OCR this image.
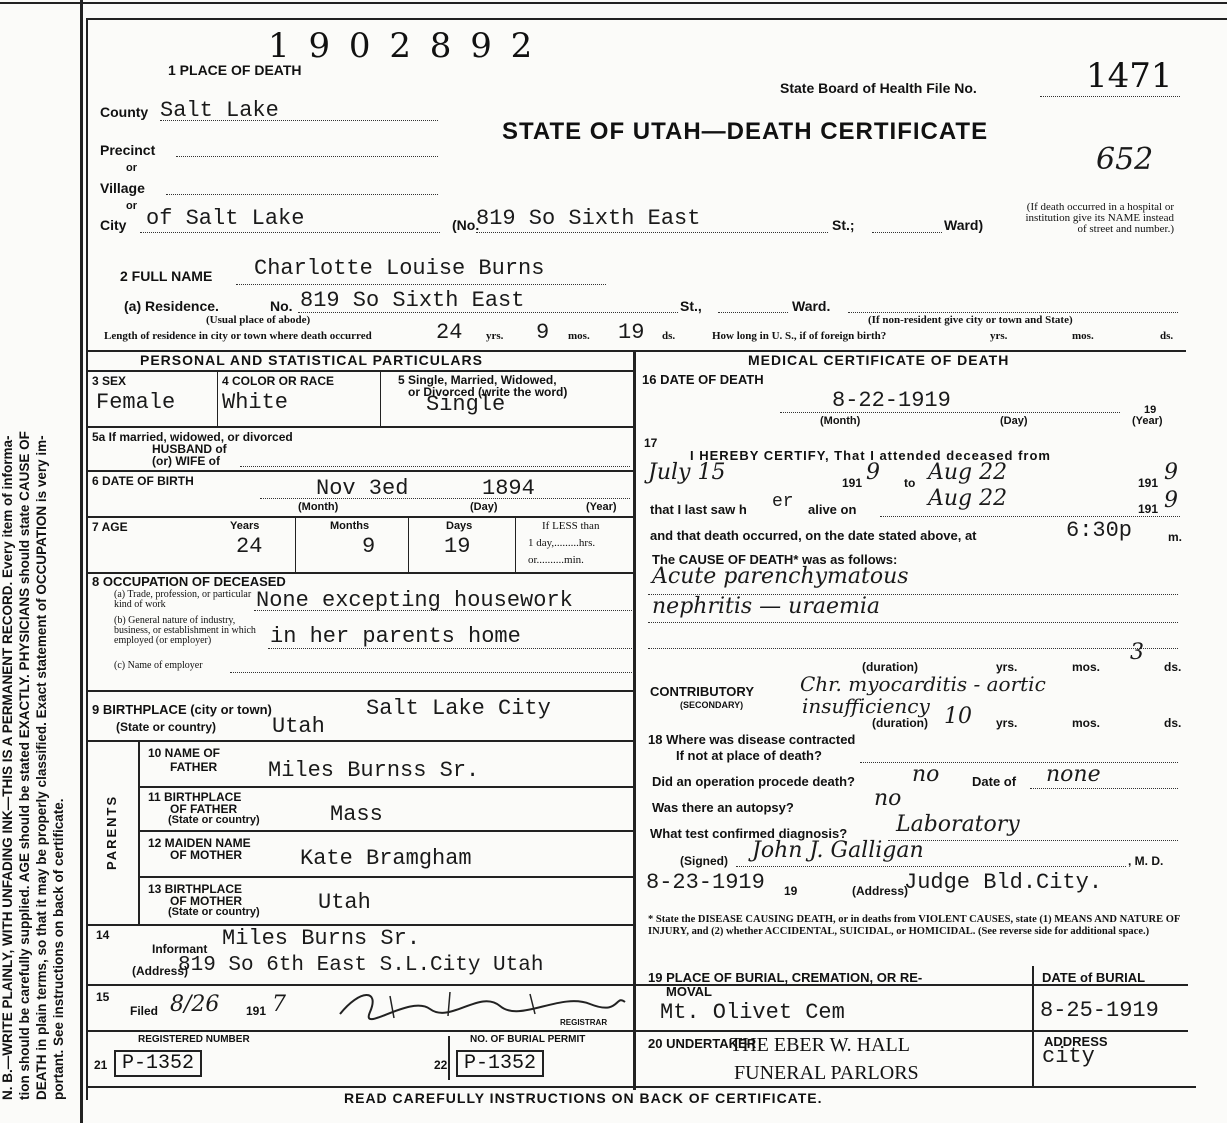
N. B.—WRITE PLAINLY, WITH UNFADING INK—THIS IS A PERMANENT RECORD. Every item of informa- tion should be carefully supplied. AGE should be stated EXACTLY. PHYSICIANS should state CAUSE OF DEATH in plain terms, so that it may be properly classified. Exact statement of OCCUPATION is very im- portant. See instructions on back of certificate.
1 9 0 2 8 9 2
1 PLACE OF DEATH
State Board of Health File No.	1471
STATE OF UTAH—DEATH CERTIFICATE
652
County Salt Lake
Precinct
or
Village
or
City of Salt Lake	(No.
819 So Sixth East	St.;	Ward)
(If death occurred in a hospital or institution give its NAME instead of street and number.)
2 FULL NAME Charlotte Louise Burns
(a) Residence.	No. 819 So Sixth East	St.,	Ward.
(Usual place of abode)	(If non-resident give city or town and State)
Length of residence in city or town where death occurred	24 yrs. 9 mos. 19 ds.	How long in U. S., if of foreign birth?	yrs.	mos.	ds.
PERSONAL AND STATISTICAL PARTICULARS
3 SEX
Female
4 COLOR OR RACE
White
5 Single, Married, Widowed,
or Divorced (write the word)
Single
5a If married, widowed, or divorced
HUSBAND of
(or) WIFE of
6 DATE OF BIRTH	Nov 3ed	1894
(Month)	(Day)	(Year)
7 AGE	Years	Months	Days
24	9	19
If LESS than
1 day,.........hrs.
or..........min.
8 OCCUPATION OF DECEASED
(a) Trade, profession, or particular kind of work	None excepting housework
(b) General nature of industry, business, or establishment in which employed (or employer)	in her parents home
(c) Name of employer
9 BIRTHPLACE (city or town)
(State or country)
Salt Lake City
Utah
PARENTS
10 NAME OF
FATHER Miles Burnss Sr.
11 BIRTHPLACE
OF FATHER
(State or country)	Mass
12 MAIDEN NAME
OF MOTHER	Kate Bramgham
13 BIRTHPLACE
OF MOTHER
(State or country)	Utah
14
Informant Miles Burns Sr.
(Address)
819 So 6th East S.L.City Utah
15
Filed 8/26 191 7
REGISTRAR
REGISTERED NUMBER
21 P-1352
NO. OF BURIAL PERMIT
22 P-1352
MEDICAL CERTIFICATE OF DEATH
16 DATE OF DEATH
8-22-1919	19
(Month)	(Day)	(Year)
17
I HEREBY CERTIFY, That I attended deceased from
July 15	191 9 to Aug 22	191 9
that I last saw h er alive on	Aug 22	191 9
and that death occurred, on the date stated above, at	6:30p	m.
The CAUSE OF DEATH* was as follows:
Acute parenchymatous
nephritis — uraemia
(duration)	yrs.	mos.
3
ds.
CONTRIBUTORY
(SECONDARY)
Chr. myocarditis - aortic
insufficiency
(duration) 10 yrs.	mos.	ds.
18 Where was disease contracted
If not at place of death?
Did an operation procede death?	no	Date of none
Was there an autopsy?	no
What test confirmed diagnosis? Laboratory
(Signed) John J. Galligan	, M. D.
8-23-1919 19	(Address)
Judge Bld.City.
* State the DISEASE CAUSING DEATH, or in deaths from VIOLENT CAUSES, state (1) MEANS AND NATURE OF INJURY, and (2) whether ACCIDENTAL, SUICIDAL, or HOMICIDAL. (See reverse side for additional space.)
19 PLACE OF BURIAL, CREMATION, OR RE-
MOVAL
Mt. Olivet Cem
DATE of BURIAL
8-25-1919
20 UNDERTAKER
THE EBER W. HALL
FUNERAL PARLORS
ADDRESS
city
READ CAREFULLY INSTRUCTIONS ON BACK OF CERTIFICATE.
